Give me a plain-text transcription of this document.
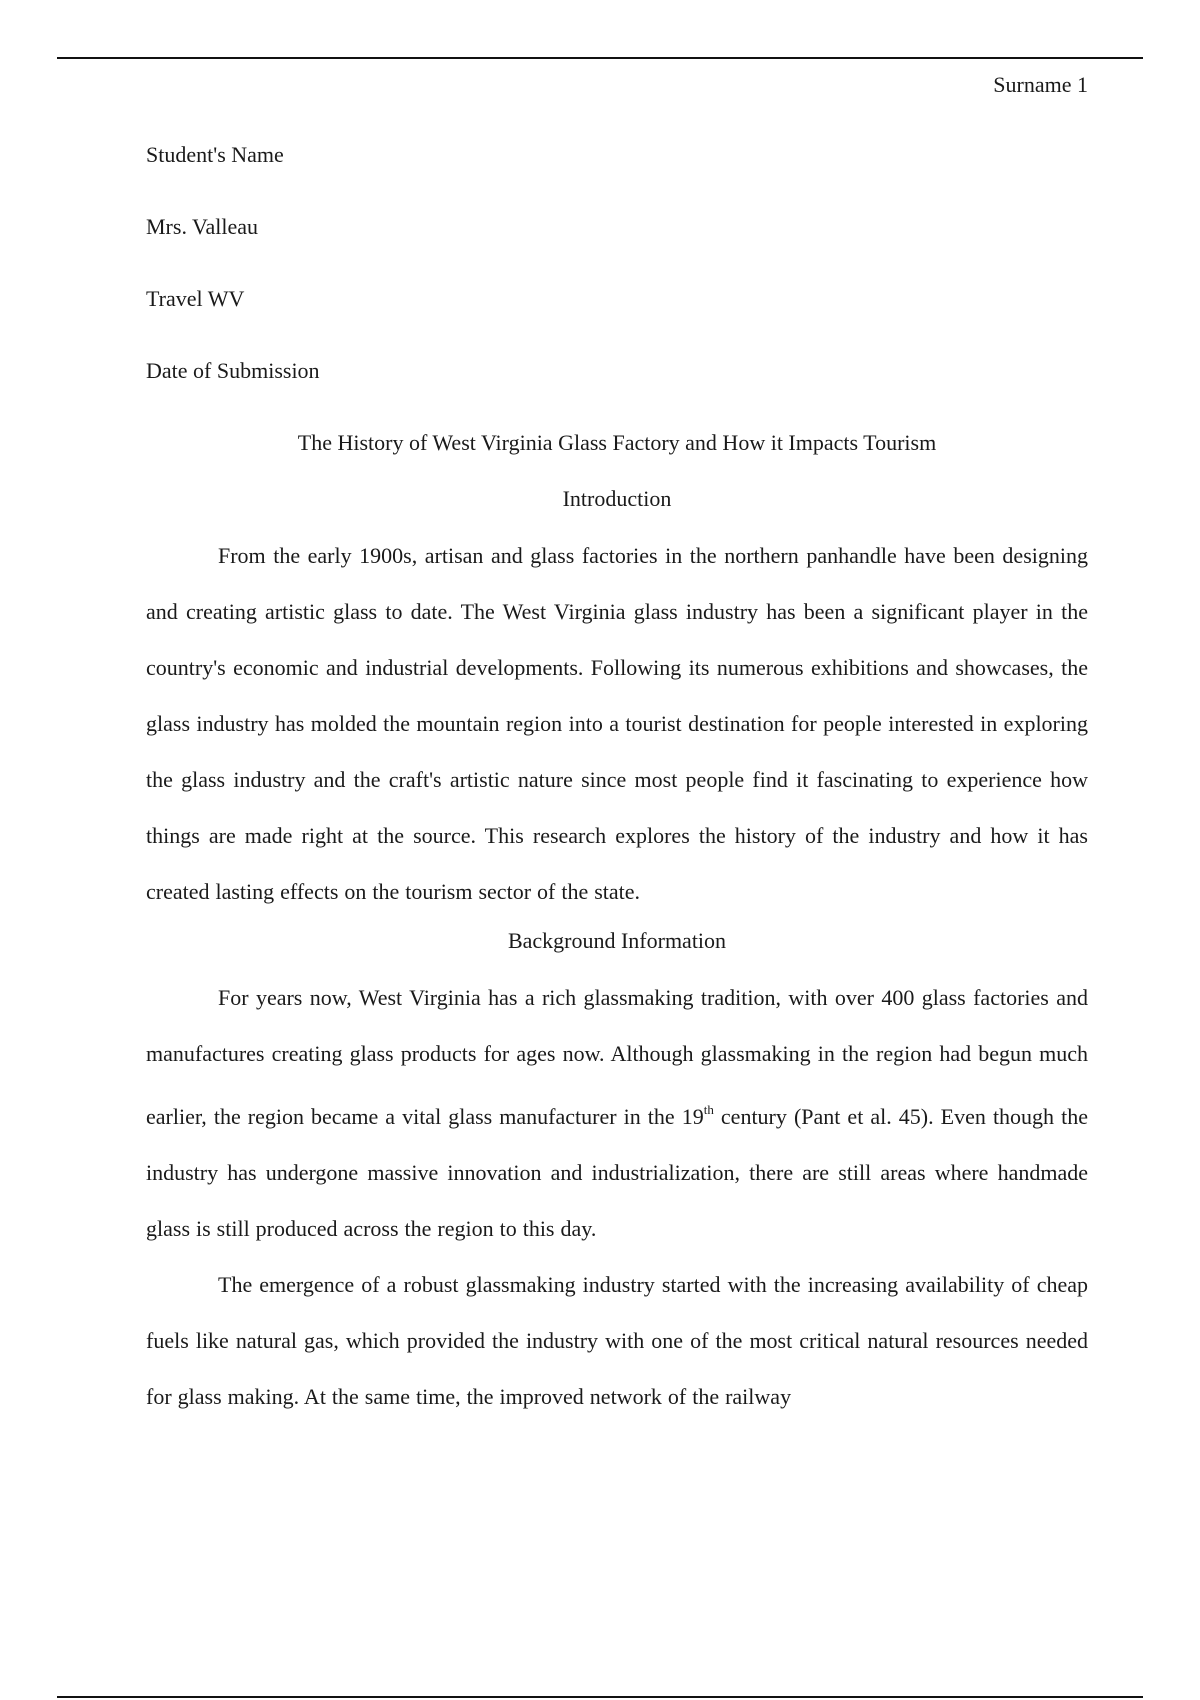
Surname 1
Student's Name
Mrs. Valleau
Travel WV
Date of Submission
The History of West Virginia Glass Factory and How it Impacts Tourism
Introduction

From the early 1900s, artisan and glass factories in the northern panhandle have been designing and creating artistic glass to date. The West Virginia glass industry has been a significant player in the country's economic and industrial developments. Following its numerous exhibitions and showcases, the glass industry has molded the mountain region into a tourist destination for people interested in exploring the glass industry and the craft's artistic nature since most people find it fascinating to experience how things are made right at the source. This research explores the history of the industry and how it has created lasting effects on the tourism sector of the state.

Background Information

For years now, West Virginia has a rich glassmaking tradition, with over 400 glass factories and manufactures creating glass products for ages now. Although glassmaking in the region had begun much earlier, the region became a vital glass manufacturer in the 19th century (Pant et al. 45). Even though the industry has undergone massive innovation and industrialization, there are still areas where handmade glass is still produced across the region to this day.

The emergence of a robust glassmaking industry started with the increasing availability of cheap fuels like natural gas, which provided the industry with one of the most critical natural resources needed for glass making. At the same time, the improved network of the railway
